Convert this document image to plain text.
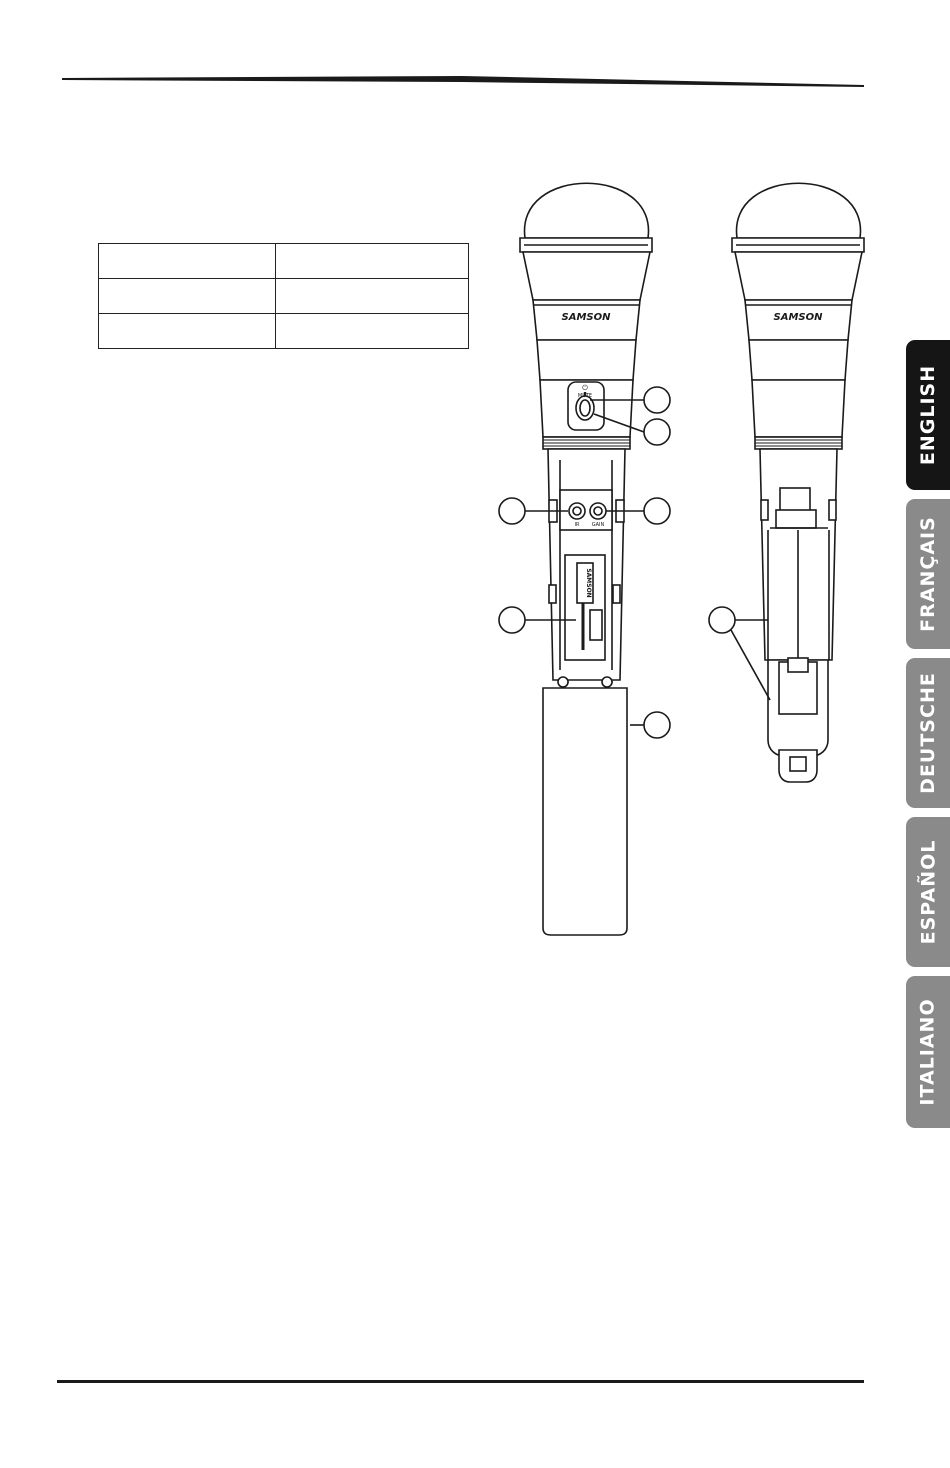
SAMSON	SAMSON
⏻
MUTE
IR GAIN
SAMSON
ENGLISH
FRANÇAIS
DEUTSCHE
ESPAÑOL
ITALIANO
